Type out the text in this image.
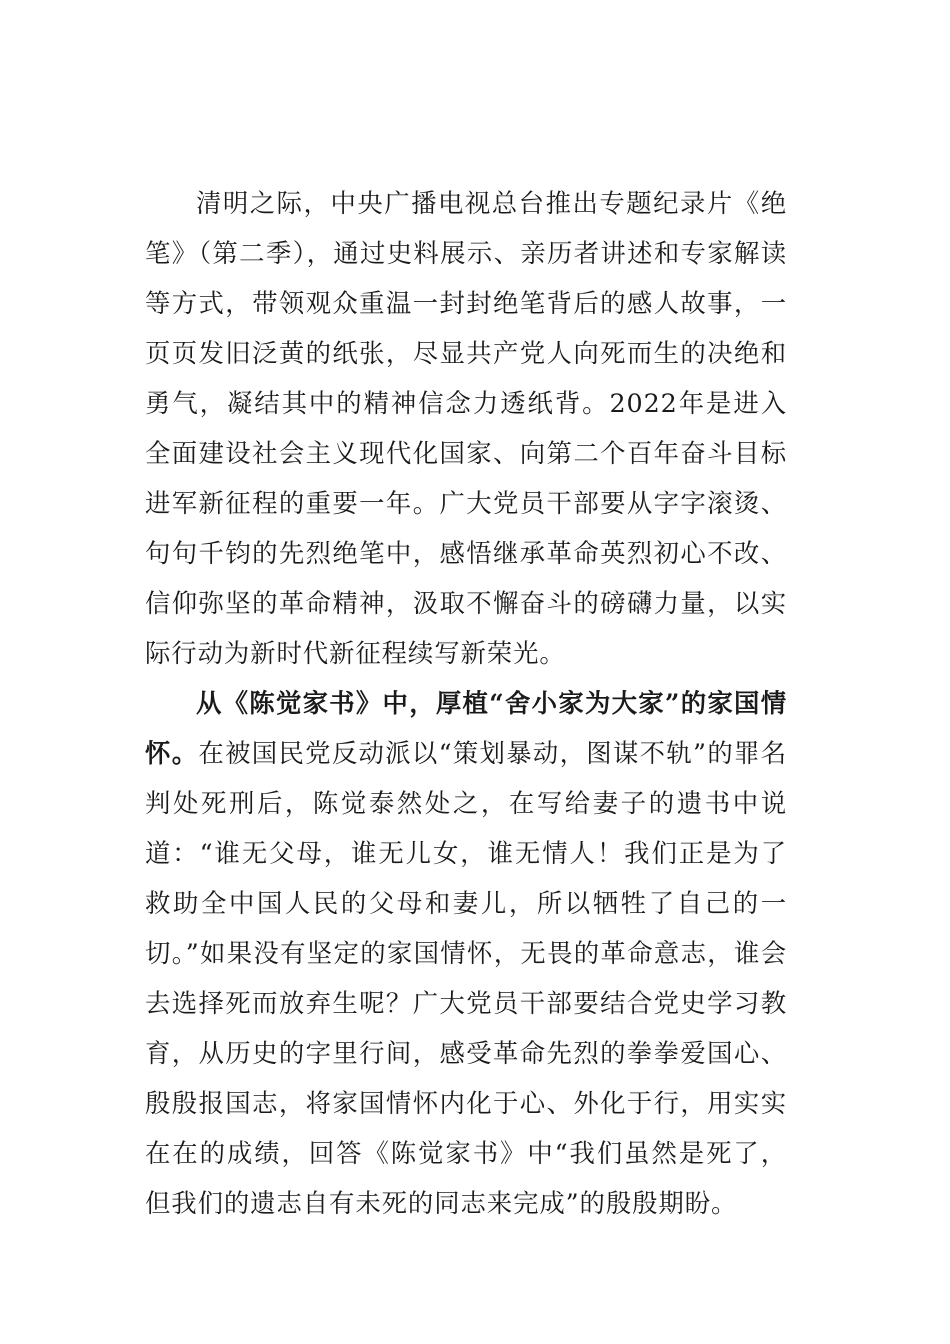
清明之际，中央广播电视总台推出专题纪录片《绝笔》（第二季），通过史料展示、亲历者讲述和专家解读等方式，带领观众重温一封封绝笔背后的感人故事，一页页发旧泛黄的纸张，尽显共产党人向死而生的决绝和勇气，凝结其中的精神信念力透纸背。2022年是进入全面建设社会主义现代化国家、向第二个百年奋斗目标进军新征程的重要一年。广大党员干部要从字字滚烫、句句千钧的先烈绝笔中，感悟继承革命英烈初心不改、信仰弥坚的革命精神，汲取不懈奋斗的磅礴力量，以实际行动为新时代新征程续写新荣光。

从《陈觉家书》中，厚植“舍小家为大家”的家国情怀。在被国民党反动派以“策划暴动，图谋不轨”的罪名判处死刑后，陈觉泰然处之，在写给妻子的遗书中说道：“谁无父母，谁无儿女，谁无情人！我们正是为了救助全中国人民的父母和妻儿，所以牺牲了自己的一切。”如果没有坚定的家国情怀，无畏的革命意志，谁会去选择死而放弃生呢？广大党员干部要结合党史学习教育，从历史的字里行间，感受革命先烈的拳拳爱国心、殷殷报国志，将家国情怀内化于心、外化于行，用实实在在的成绩，回答《陈觉家书》中“我们虽然是死了，但我们的遗志自有未死的同志来完成”的殷殷期盼。
